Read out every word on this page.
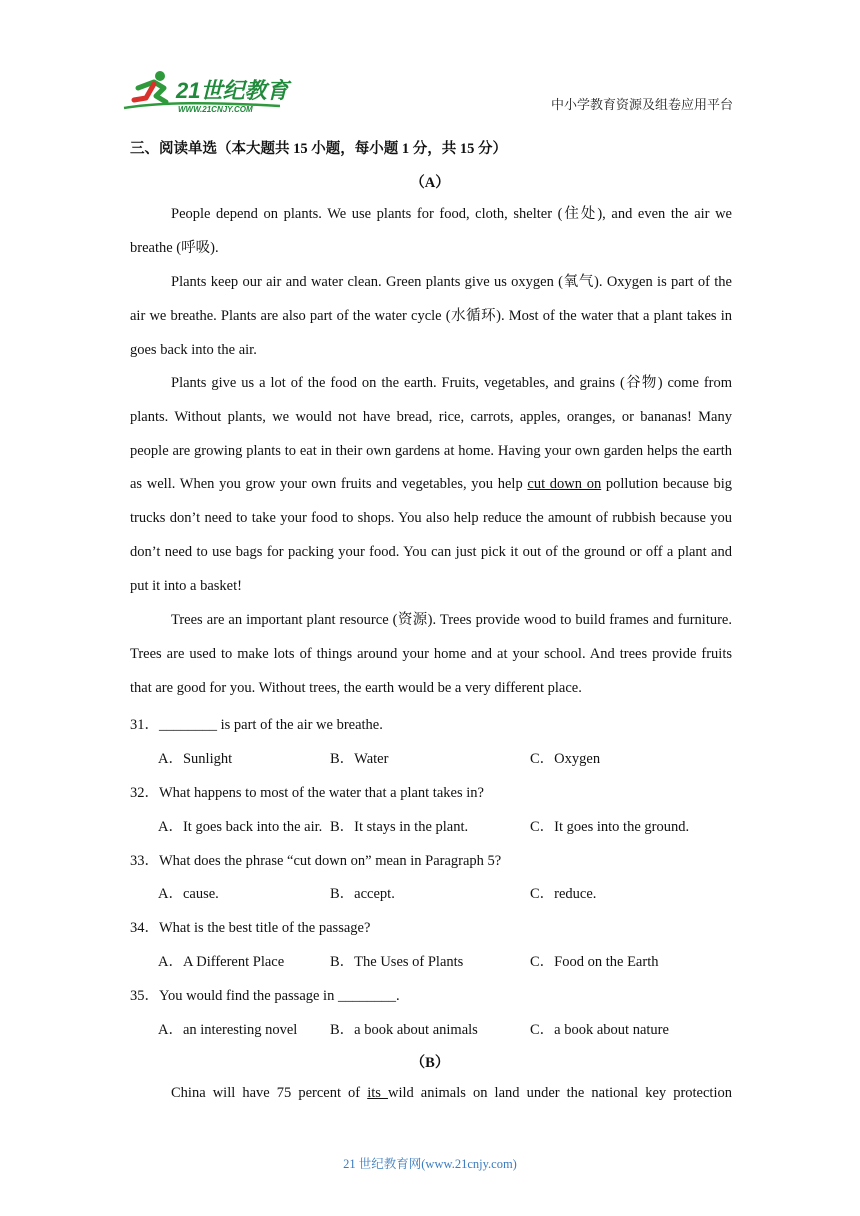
21世纪教育
WWW.21CNJY.COM	中小学教育资源及组卷应用平台
三、阅读单选（本大题共 15 小题，每小题 1 分，共 15 分）
（A）

People depend on plants. We use plants for food, cloth, shelter (住处), and even the air we breathe (呼吸).

Plants keep our air and water clean. Green plants give us oxygen (氧气). Oxygen is part of the air we breathe. Plants are also part of the water cycle (水循环). Most of the water that a plant takes in goes back into the air.

Plants give us a lot of the food on the earth. Fruits, vegetables, and grains (谷物) come from plants. Without plants, we would not have bread, rice, carrots, apples, oranges, or bananas! Many people are growing plants to eat in their own gardens at home. Having your own garden helps the earth as well. When you grow your own fruits and vegetables, you help cut down on pollution because big trucks don’t need to take your food to shops. You also help reduce the amount of rubbish because you don’t need to use bags for packing your food. You can just pick it out of the ground or off a plant and put it into a basket!

Trees are an important plant resource (资源). Trees provide wood to build frames and furniture. Trees are used to make lots of things around your home and at your school. And trees provide fruits that are good for you. Without trees, the earth would be a very different place.

31．________ is part of the air we breathe.
A．Sunlight	B．Water	C．Oxygen
32．What happens to most of the water that a plant takes in?
A．It goes back into the air. B．It stays in the plant.	C．It goes into the ground.
33．What does the phrase “cut down on” mean in Paragraph 5?
A．cause.	B．accept.	C．reduce.
34．What is the best title of the passage?
A．A Different Place	B．The Uses of Plants	C．Food on the Earth
35．You would find the passage in ________.
A．an interesting novel B．a book about animals	C．a book about nature
（B）

China will have 75 percent of its wild animals on land under the national key protection

21 世纪教育网(www.21cnjy.com)
